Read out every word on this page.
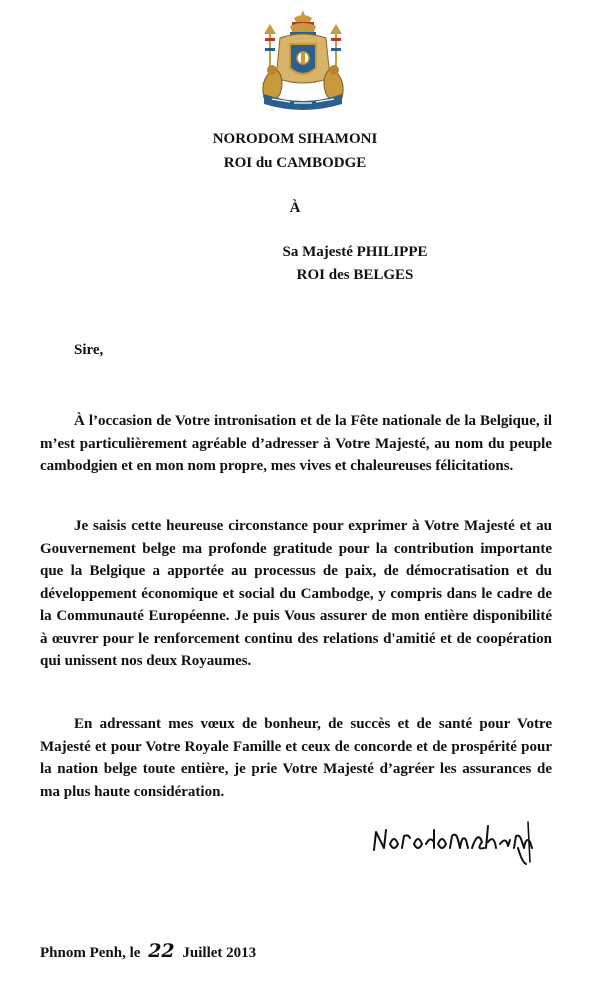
NORODOM SIHAMONI
ROI du CAMBODGE
À
Sa Majesté PHILIPPE
ROI des BELGES
Sire,

À l’occasion de Votre intronisation et de la Fête nationale de la Belgique, il m’est particulièrement agréable d’adresser à Votre Majesté, au nom du peuple cambodgien et en mon nom propre, mes vives et chaleureuses félicitations.

Je saisis cette heureuse circonstance pour exprimer à Votre Majesté et au Gouvernement belge ma profonde gratitude pour la contribution importante que la Belgique a apportée au processus de paix, de démocratisation et du développement économique et social du Cambodge, y compris dans le cadre de la Communauté Européenne. Je puis Vous assurer de mon entière disponibilité à œuvrer pour le renforcement continu des relations d'amitié et de coopération qui unissent nos deux Royaumes.

En adressant mes vœux de bonheur, de succès et de santé pour Votre Majesté et pour Votre Royale Famille et ceux de concorde et de prospérité pour la nation belge toute entière, je prie Votre Majesté d’agréer les assurances de ma plus haute considération.

Phnom Penh, le 22 Juillet 2013
